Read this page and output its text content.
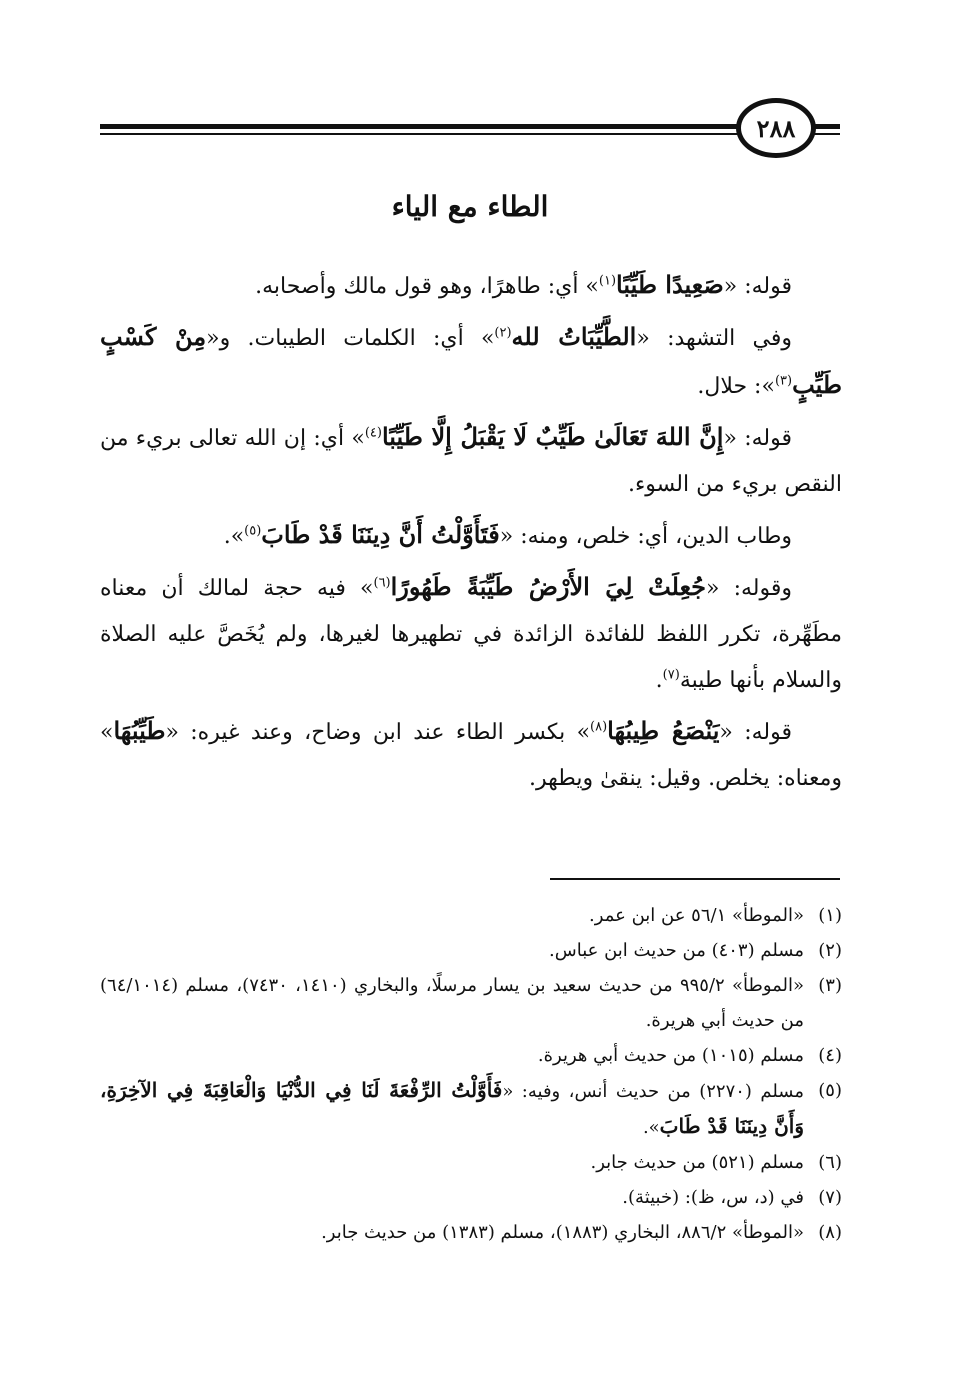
٢٨٨
الطاء مع الياء

قوله: «صَعِيدًا طَيِّبًا$^{(١)}$» أي: طاهرًا، وهو قول مالك وأصحابه.

وفي التشهد: «الطَّيِّبَاتُ لله$^{(٢)}$» أي: الكلمات الطيبات. و«مِنْ كَسْبٍ طَيِّبٍ$^{(٣)}$»: حلال.

قوله: «إِنَّ اللهَ تَعَالَىٰ طَيِّبٌ لَا يَقْبَلُ إِلَّا طَيِّبًا$^{(٤)}$» أي: إن الله تعالى بريء من النقص بريء من السوء.

وطاب الدين، أي: خلص، ومنه: «فَتَأَوَّلْتُ أَنَّ دِينَنَا قَدْ طَابَ$^{(٥)}$».

وقوله: «جُعِلَتْ لِيَ الأَرْضُ طَيِّبَةً طَهُورًا$^{(٦)}$» فيه حجة لمالك أن معناه مطَهِّرة، تكرر اللفظ للفائدة الزائدة في تطهيرها لغيرها، ولم يُخَصَّ عليه الصلاة والسلام بأنها طيبة$^{(٧)}$.

قوله: «يَنْصَعُ طِيبُهَا$^{(٨)}$» بكسر الطاء عند ابن وضاح، وعند غيره: «طَيِّبُهَا» ومعناه: يخلص. وقيل: ينقىٰ ويطهر.

(١)
«الموطأ» ٥٦/١ عن ابن عمر.
(٢)
مسلم (٤٠٣) من حديث ابن عباس.
(٣)
«الموطأ» ٩٩٥/٢ من حديث سعيد بن يسار مرسلًا، والبخاري (١٤١٠، ٧٤٣٠)، مسلم (٦٤/١٠١٤) من حديث أبي هريرة.
(٤)
مسلم (١٠١٥) من حديث أبي هريرة.
(٥)
مسلم (٢٢٧٠) من حديث أنس، وفيه: «فَأَوَّلْتُ الرِّفْعَةَ لَنَا فِي الدُّنْيَا وَالْعَاقِبَةَ فِي الآخِرَةِ، وَأَنَّ دِينَنَا قَدْ طَابَ».
(٦)
مسلم (٥٢١) من حديث جابر.
(٧)
في (د، س، ظ): (خبيثة).
(٨)
«الموطأ» ٨٨٦/٢، البخاري (١٨٨٣)، مسلم (١٣٨٣) من حديث جابر.
